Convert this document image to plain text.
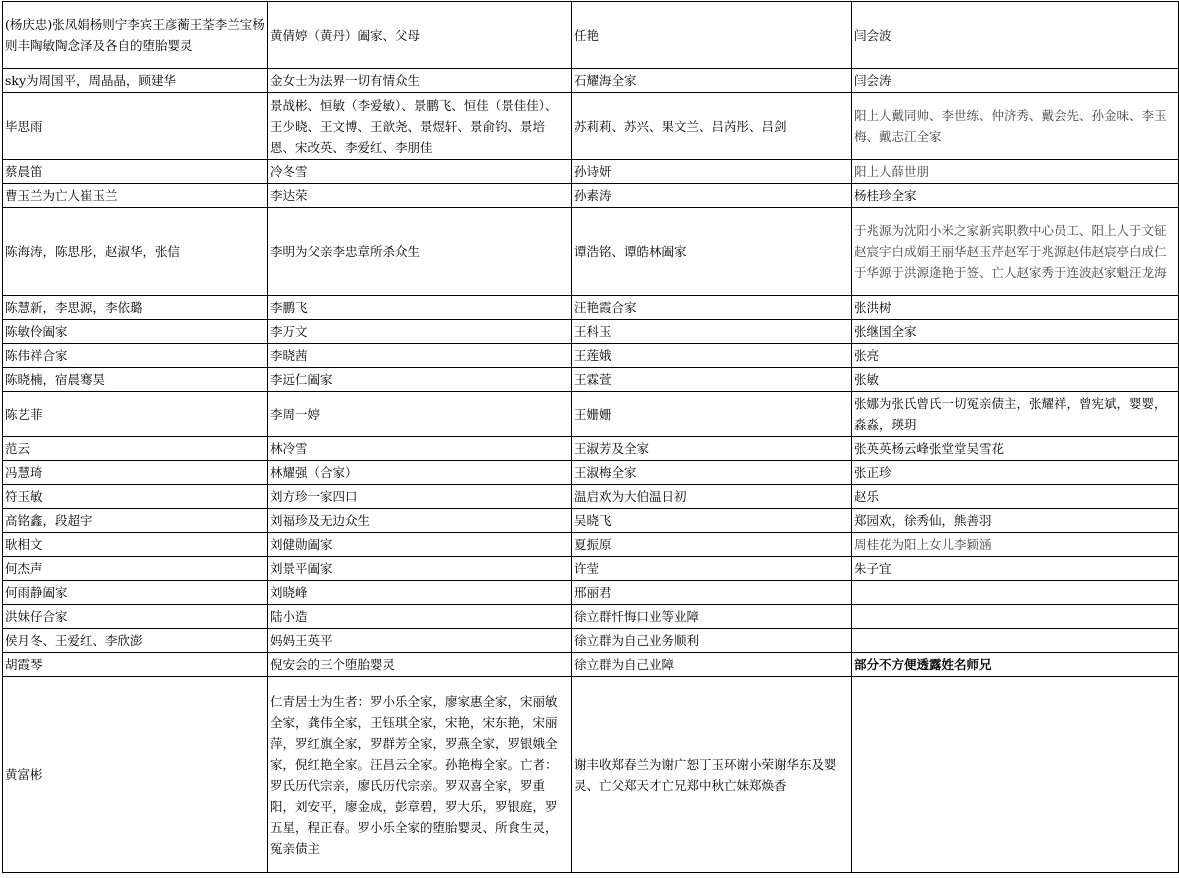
(杨庆忠)张凤娟杨则宁李宾王彦蘅王荃李兰宝杨则丰陶敏陶念泽及各自的堕胎婴灵	黄倩婷（黄丹）阖家、父母	任艳	闫会波
sky为周国平，周晶晶，顾建华	金女士为法界一切有情众生	石耀海全家	闫会涛
毕思雨	景战彬、恒敏（李爱敏）、景鹏飞、恒佳（景佳佳）、王少晓、王文博、王歆尧、景煜轩、景俞钧、景培恩、宋改英、李爱红、李朋佳	苏莉莉、苏兴、果文兰、吕芮彤、吕剑	阳上人戴同帅、李世练、仲济秀、戴会先、孙金味、李玉梅、戴志江全家
蔡晨笛	冷冬雪	孙诗妍	阳上人薛世朋
曹玉兰为亡人崔玉兰	李达荣	孙素涛	杨桂珍全家
陈海涛，陈思彤，赵淑华，张信	李明为父亲李忠章所杀众生	谭浩铭、谭皓林阖家	于兆源为沈阳小米之家新宾职教中心员工、阳上人于文钲赵宸宇白成娟王丽华赵玉芹赵军于兆源赵伟赵宸亭白成仁于华源于洪源逄艳于签、亡人赵家秀于连波赵家魁汪龙海
陈慧新，李思源，李依璐	李鹏飞	汪艳霞合家	张洪树
陈敏伶阖家	李万文	王科玉	张继国全家
陈伟祥合家	李晓茜	王莲娥	张亮
陈晓楠，宿晨骞昊	李远仁阖家	王霖萱	张敏
陈艺菲	李周一婷	王姗姗	张娜为张氏曾氏一切冤亲债主，张耀祥，曾宪斌，婴婴，淼淼，瑛玥
范云	林冷雪	王淑芳及全家	张英英杨云峰张堂堂吴雪花
冯慧琦	林耀强（合家）	王淑梅全家	张正珍
符玉敏	刘方珍一家四口	温启欢为大伯温日初	赵乐
高铭鑫，段超宇	刘福珍及无边众生	吴晓飞	郑园欢，徐秀仙，熊善羽
耿相文	刘健勋阖家	夏振原	周桂花为阳上女儿李颖涵
何杰声	刘景平阖家	许莹	朱子宜
何雨静阖家	刘晓峰	邢丽君	
洪妹仔合家	陆小造	徐立群忏悔口业等业障	
侯月冬、王爱红、李欣澎	妈妈王英平	徐立群为自己业务顺利	
胡霞琴	倪安会的三个堕胎婴灵	徐立群为自己业障	部分不方便透露姓名师兄
黄富彬	仁青居士为生者：罗小乐全家，廖家惠全家，宋丽敏全家，龚伟全家，王钰琪全家，宋艳，宋东艳，宋丽萍，罗红旗全家，罗群芳全家，罗燕全家，罗银娥全家，倪红艳全家。汪昌云全家。孙艳梅全家。亡者：罗氏历代宗亲，廖氏历代宗亲。罗双喜全家，罗重阳，刘安平，廖金成，彭章碧，罗大乐，罗银庭，罗五星，程正春。罗小乐全家的堕胎婴灵、所食生灵，冤亲债主	谢丰收郑春兰为谢广恕丁玉环谢小荣谢华东及婴灵、亡父郑天才亡兄郑中秋亡妹郑焕香	
